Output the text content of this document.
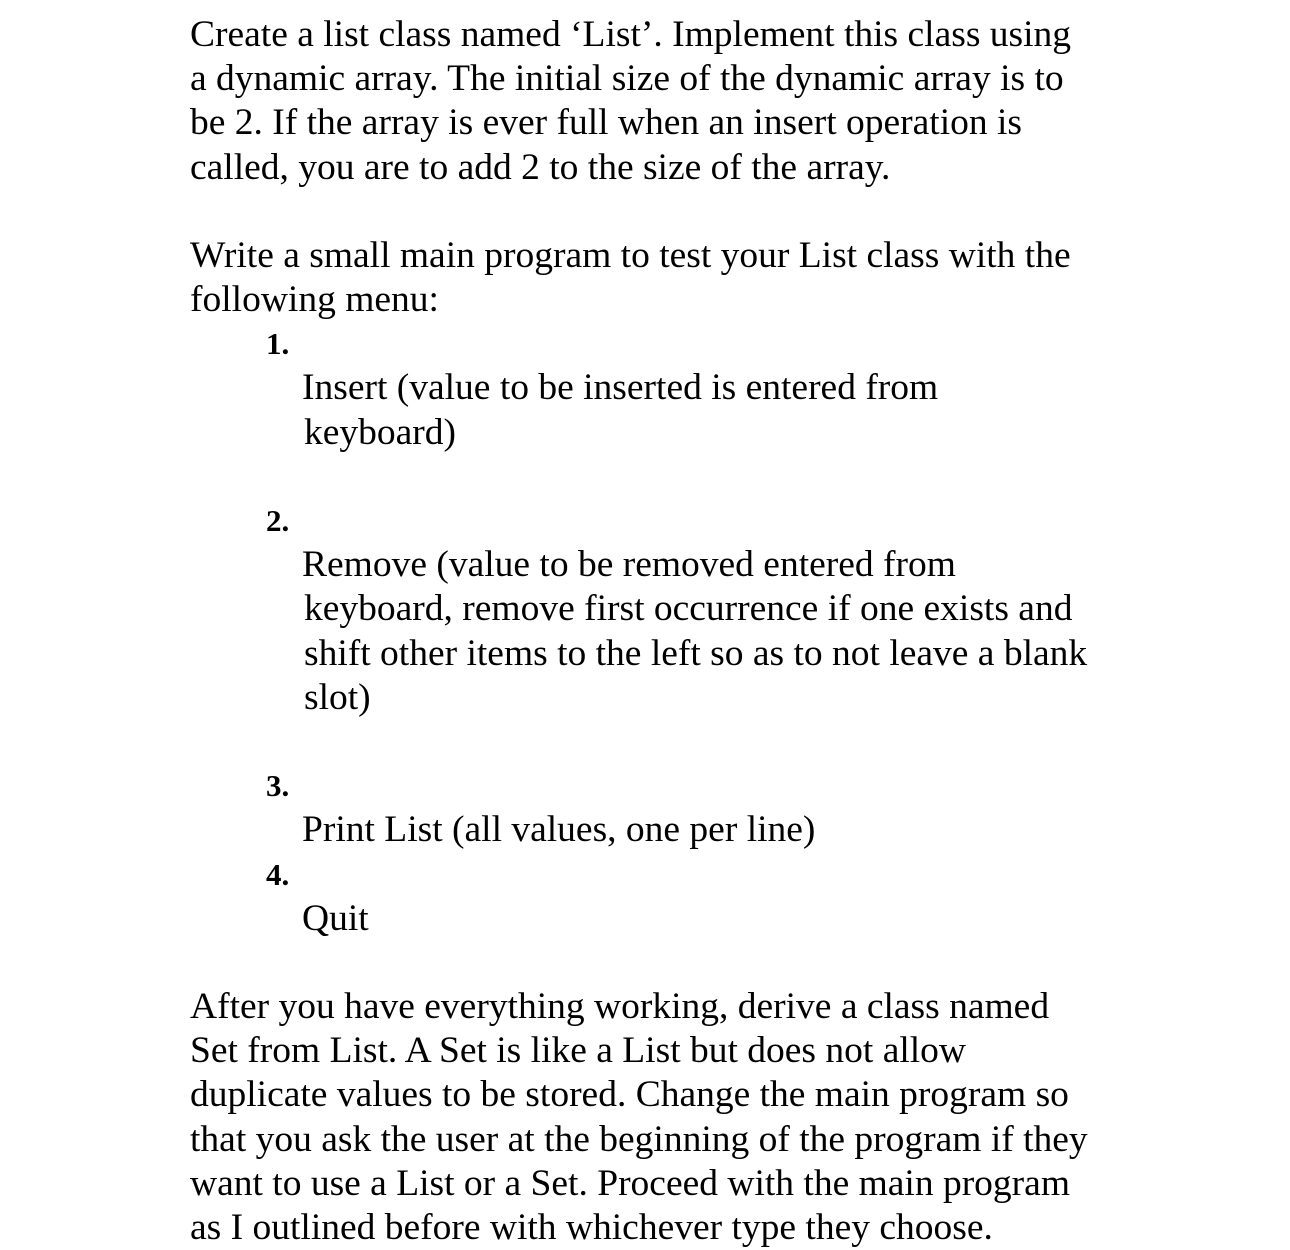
Create a list class named ‘List’. Implement this class using
a dynamic array. The initial size of the dynamic array is to
be 2. If the array is ever full when an insert operation is
called, you are to add 2 to the size of the array.

Write a small main program to test your List class with the
following menu:

1.

Insert (value to be inserted is entered from

keyboard)

2.

Remove (value to be removed entered from

keyboard, remove first occurrence if one exists and
shift other items to the left so as to not leave a blank
slot)

3.

Print List (all values, one per line)

4.

Quit

After you have everything working, derive a class named
Set from List. A Set is like a List but does not allow
duplicate values to be stored. Change the main program so
that you ask the user at the beginning of the program if they
want to use a List or a Set. Proceed with the main program
as I outlined before with whichever type they choose.
